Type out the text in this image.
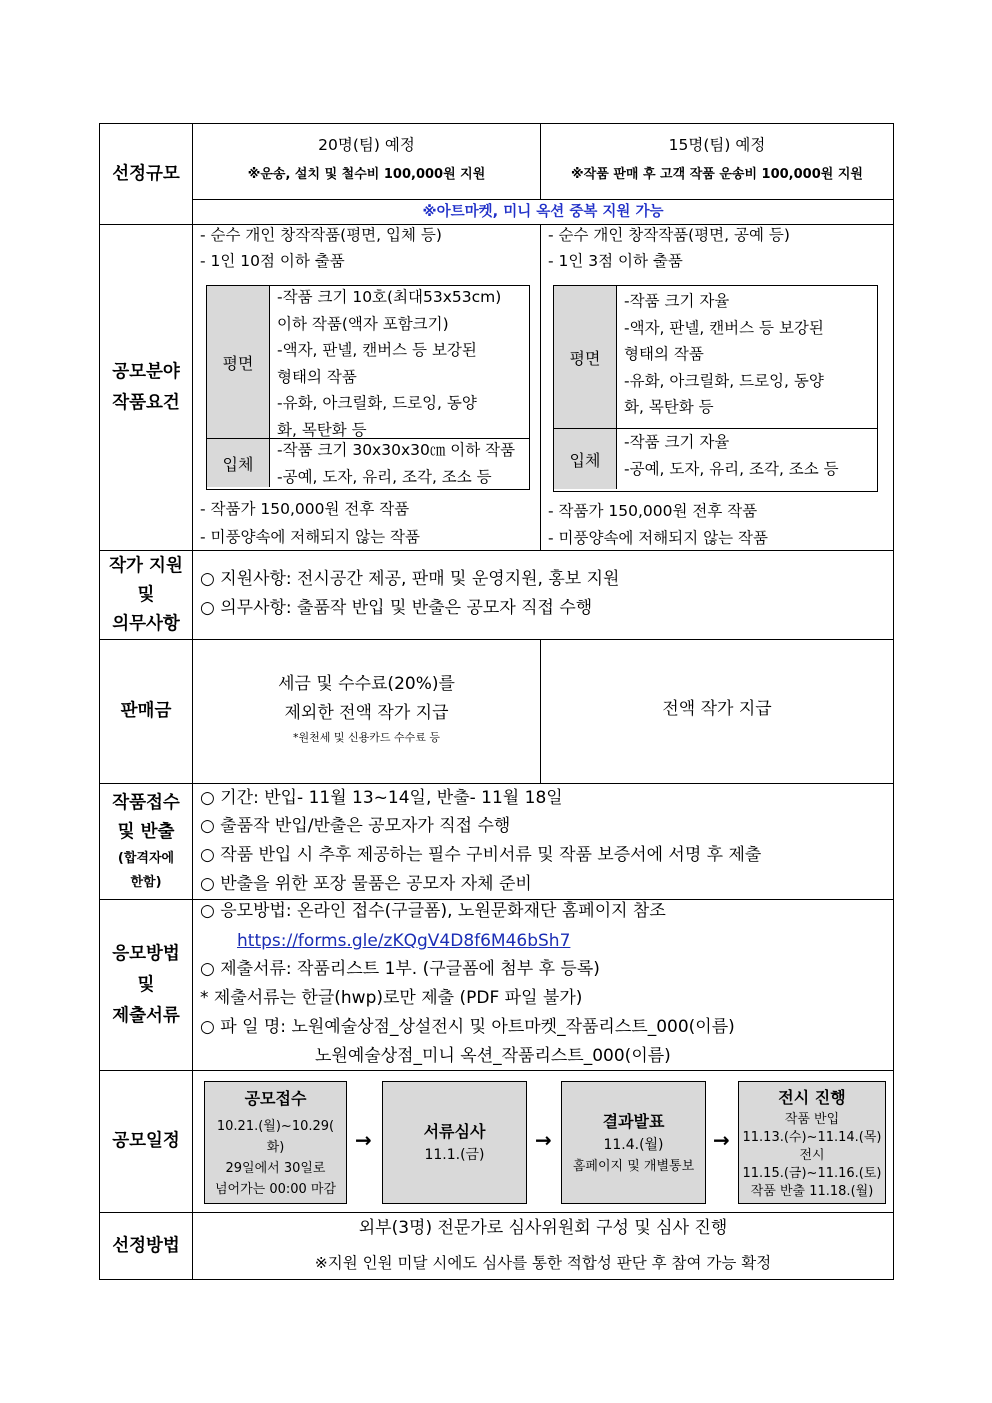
선정규모
20명(팀) 예정
※운송, 설치 및 철수비 100,000원 지원
15명(팀) 예정
※작품 판매 후 고객 작품 운송비 100,000원 지원
※아트마켓, 미니 옥션 중복 지원 가능
공모분야
작품요건
- 순수 개인 창작작품(평면, 입체 등)
- 1인 10점 이하 출품
평면
-작품 크기 10호(최대53x53cm)
이하 작품(액자 포함크기)
-액자, 판넬, 캔버스 등 보강된
형태의 작품
-유화, 아크릴화, 드로잉, 동양
화, 목탄화 등
입체
-작품 크기 30x30x30㎝ 이하 작품
-공예, 도자, 유리, 조각, 조소 등
- 작품가 150,000원 전후 작품
- 미풍양속에 저해되지 않는 작품
- 순수 개인 창작작품(평면, 공예 등)
- 1인 3점 이하 출품
평면
-작품 크기 자율
-액자, 판넬, 캔버스 등 보강된
형태의 작품
-유화, 아크릴화, 드로잉, 동양
화, 목탄화 등
입체
-작품 크기 자율
-공예, 도자, 유리, 조각, 조소 등
- 작품가 150,000원 전후 작품
- 미풍양속에 저해되지 않는 작품
작가 지원
및
의무사항
○ 지원사항: 전시공간 제공, 판매 및 운영지원, 홍보 지원
○ 의무사항: 출품작 반입 및 반출은 공모자 직접 수행
판매금
세금 및 수수료(20%)를
제외한 전액 작가 지급
*원천세 및 신용카드 수수료 등
전액 작가 지급
작품접수
및 반출
(합격자에
한함)
○ 기간: 반입- 11월 13~14일, 반출- 11월 18일
○ 출품작 반입/반출은 공모자가 직접 수행
○ 작품 반입 시 추후 제공하는 필수 구비서류 및 작품 보증서에 서명 후 제출
○ 반출을 위한 포장 물품은 공모자 자체 준비
응모방법
및
제출서류
○ 응모방법: 온라인 접수(구글폼), 노원문화재단 홈페이지 참조
https://forms.gle/zKQgV4D8f6M46bSh7
○ 제출서류: 작품리스트 1부. (구글폼에 첨부 후 등록)
* 제출서류는 한글(hwp)로만 제출 (PDF 파일 불가)
○ 파 일 명: 노원예술상점_상설전시 및 아트마켓_작품리스트_000(이름)
노원예술상점_미니 옥션_작품리스트_000(이름)
공모일정
공모접수
10.21.(월)~10.29(
화)
29일에서 30일로
넘어가는 00:00 마감
→	서류심사
11.1.(금)
→
결과발표
11.4.(월)
홈페이지 및 개별통보
→
전시 진행
작품 반입
11.13.(수)~11.14.(목)
전시
11.15.(금)~11.16.(토)
작품 반출 11.18.(월)
선정방법
외부(3명) 전문가로 심사위원회 구성 및 심사 진행
※지원 인원 미달 시에도 심사를 통한 적합성 판단 후 참여 가능 확정
